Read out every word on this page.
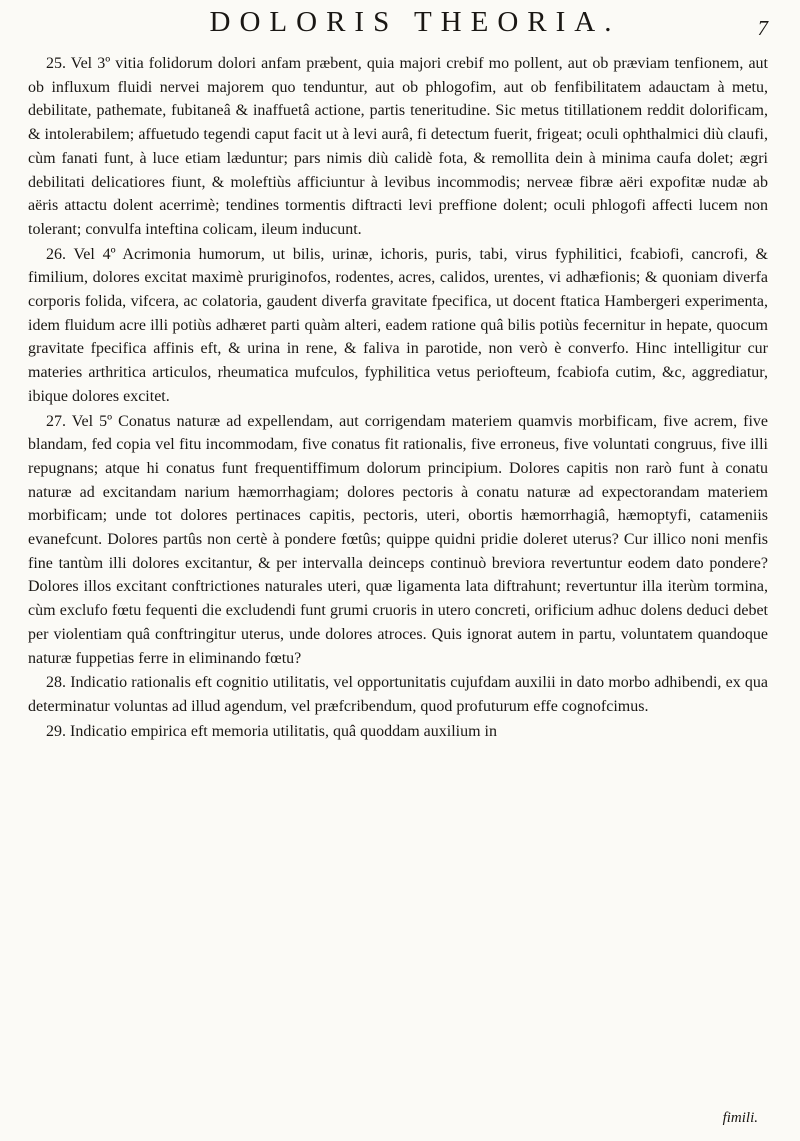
DOLORIS THEORIA.	7

25. Vel 3º vitia folidorum dolori anfam præbent, quia majori crebif mo pollent, aut ob præviam tenfionem, aut ob influxum fluidi nervei majorem quo tenduntur, aut ob phlogofim, aut ob fenfibilitatem adauctam à metu, debilitate, pathemate, fubitaneâ & inaffuetâ actione, partis teneritudine. Sic metus titillationem reddit dolorificam, & intolerabilem; affuetudo tegendi caput facit ut à levi aurâ, fi detectum fuerit, frigeat; oculi ophthalmici diù claufi, cùm fanati funt, à luce etiam læduntur; pars nimis diù calidè fota, & remollita dein à minima caufa dolet; ægri debilitati delicatiores fiunt, & moleftiùs afficiuntur à levibus incommodis; nerveæ fibræ aëri expofitæ nudæ ab aëris attactu dolent acerrimè; tendines tormentis diftracti levi preffione dolent; oculi phlogofi affecti lucem non tolerant; convulfa inteftina colicam, ileum inducunt.

26. Vel 4º Acrimonia humorum, ut bilis, urinæ, ichoris, puris, tabi, virus fyphilitici, fcabiofi, cancrofi, & fimilium, dolores excitat maximè pruriginofos, rodentes, acres, calidos, urentes, vi adhæfionis; & quoniam diverfa corporis folida, vifcera, ac colatoria, gaudent diverfa gravitate fpecifica, ut docent ftatica Hambergeri experimenta, idem fluidum acre illi potiùs adhæret parti quàm alteri, eadem ratione quâ bilis potiùs fecernitur in hepate, quocum gravitate fpecifica affinis eft, & urina in rene, & faliva in parotide, non verò è converfo. Hinc intelligitur cur materies arthritica articulos, rheumatica mufculos, fyphilitica vetus periofteum, fcabiofa cutim, &c, aggrediatur, ibique dolores excitet.

27. Vel 5º Conatus naturæ ad expellendam, aut corrigendam materiem quamvis morbificam, five acrem, five blandam, fed copia vel fitu incommodam, five conatus fit rationalis, five erroneus, five voluntati congruus, five illi repugnans; atque hi conatus funt frequentiffimum dolorum principium. Dolores capitis non rarò funt à conatu naturæ ad excitandam narium hæmorrhagiam; dolores pectoris à conatu naturæ ad expectorandam materiem morbificam; unde tot dolores pertinaces capitis, pectoris, uteri, obortis hæmorrhagiâ, hæmoptyfi, catameniis evanefcunt. Dolores partûs non certè à pondere fœtûs; quippe quidni pridie doleret uterus? Cur illico noni menfis fine tantùm illi dolores excitantur, & per intervalla deinceps continuò breviora revertuntur eodem dato pondere? Dolores illos excitant conftrictiones naturales uteri, quæ ligamenta lata diftrahunt; revertuntur illa iterùm tormina, cùm exclufo fœtu fequenti die excludendi funt grumi cruoris in utero concreti, orificium adhuc dolens deduci debet per violentiam quâ conftringitur uterus, unde dolores atroces. Quis ignorat autem in partu, voluntatem quandoque naturæ fuppetias ferre in eliminando fœtu?

28. Indicatio rationalis eft cognitio utilitatis, vel opportunitatis cujufdam auxilii in dato morbo adhibendi, ex qua determinatur voluntas ad illud agendum, vel præfcribendum, quod profuturum effe cognofcimus.

29. Indicatio empirica eft memoria utilitatis, quâ quoddam auxilium in

fimili.
